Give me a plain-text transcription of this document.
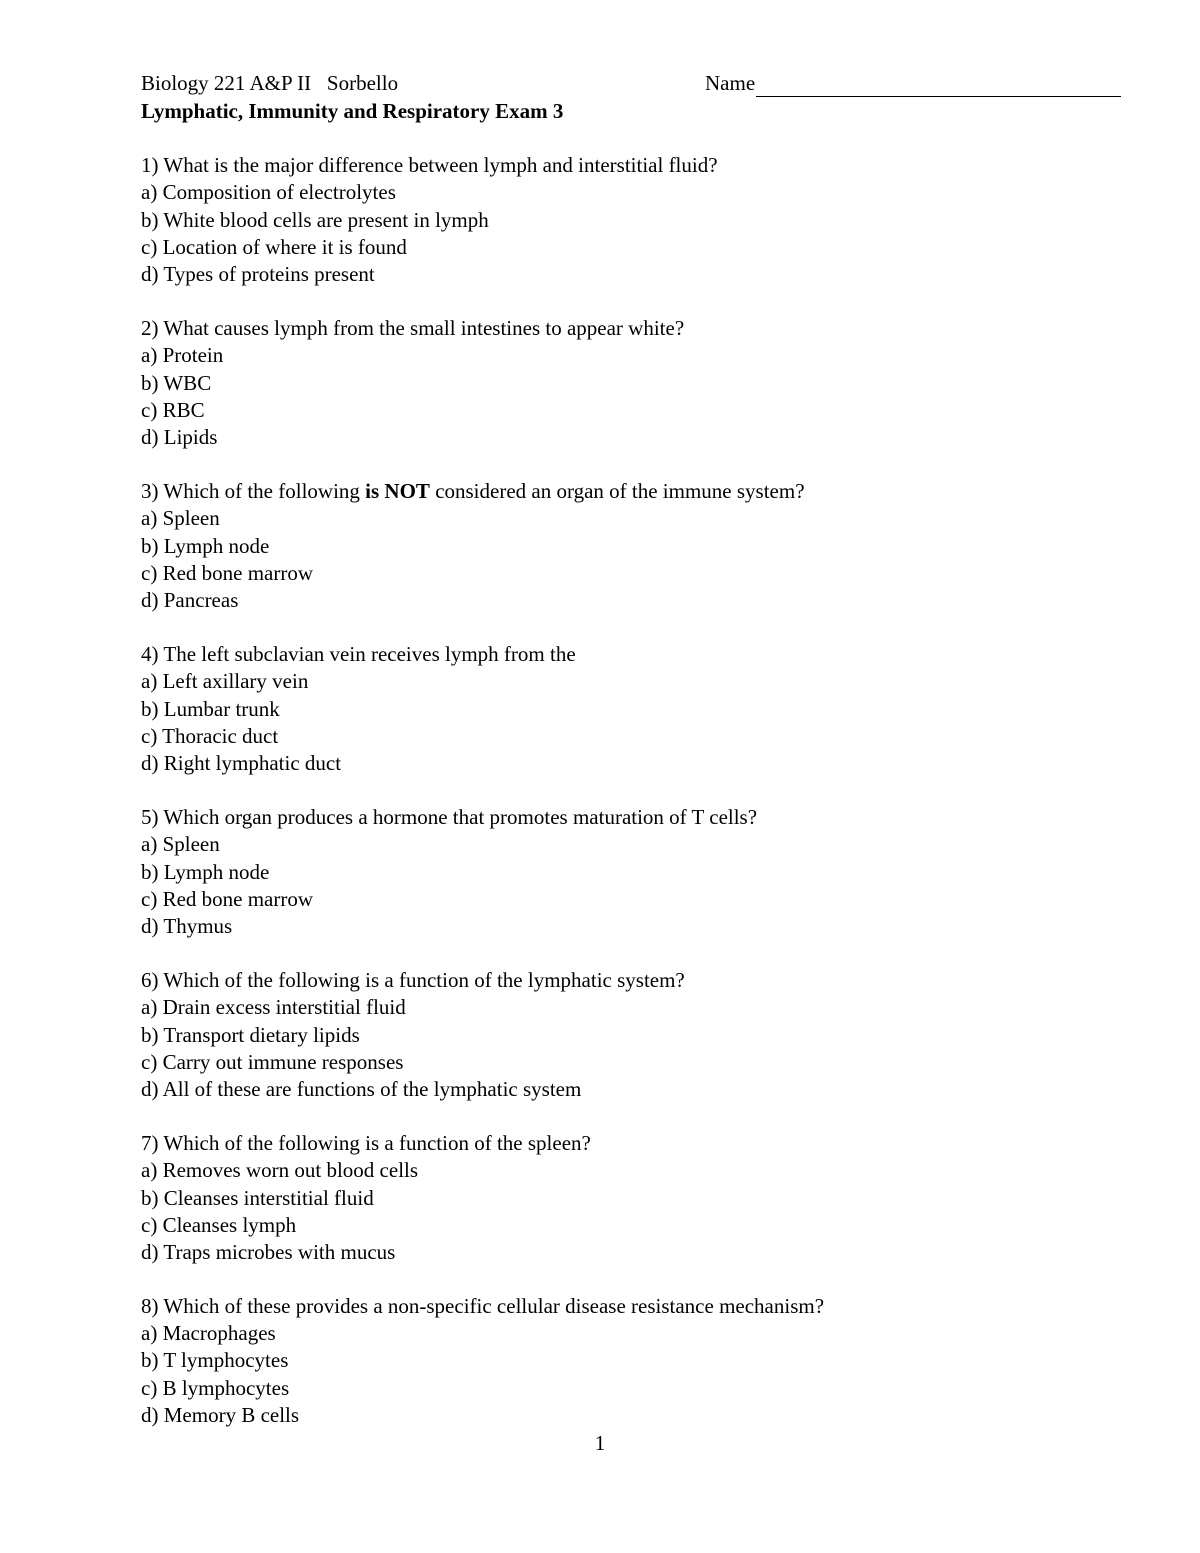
Biology 221 A&P II   Sorbello	Name
Lymphatic, Immunity and Respiratory Exam 3
1) What is the major difference between lymph and interstitial fluid?
a) Composition of electrolytes
b) White blood cells are present in lymph
c) Location of where it is found
d) Types of proteins present
2) What causes lymph from the small intestines to appear white?
a) Protein
b) WBC
c) RBC
d) Lipids
3) Which of the following is NOT considered an organ of the immune system?
a) Spleen
b) Lymph node
c) Red bone marrow
d) Pancreas
4) The left subclavian vein receives lymph from the
a) Left axillary vein
b) Lumbar trunk
c) Thoracic duct
d) Right lymphatic duct
5) Which organ produces a hormone that promotes maturation of T cells?
a) Spleen
b) Lymph node
c) Red bone marrow
d) Thymus
6) Which of the following is a function of the lymphatic system?
a) Drain excess interstitial fluid
b) Transport dietary lipids
c) Carry out immune responses
d) All of these are functions of the lymphatic system
7) Which of the following is a function of the spleen?
a) Removes worn out blood cells
b) Cleanses interstitial fluid
c) Cleanses lymph
d) Traps microbes with mucus
8) Which of these provides a non-specific cellular disease resistance mechanism?
a) Macrophages
b) T lymphocytes
c) B lymphocytes
d) Memory B cells
1
